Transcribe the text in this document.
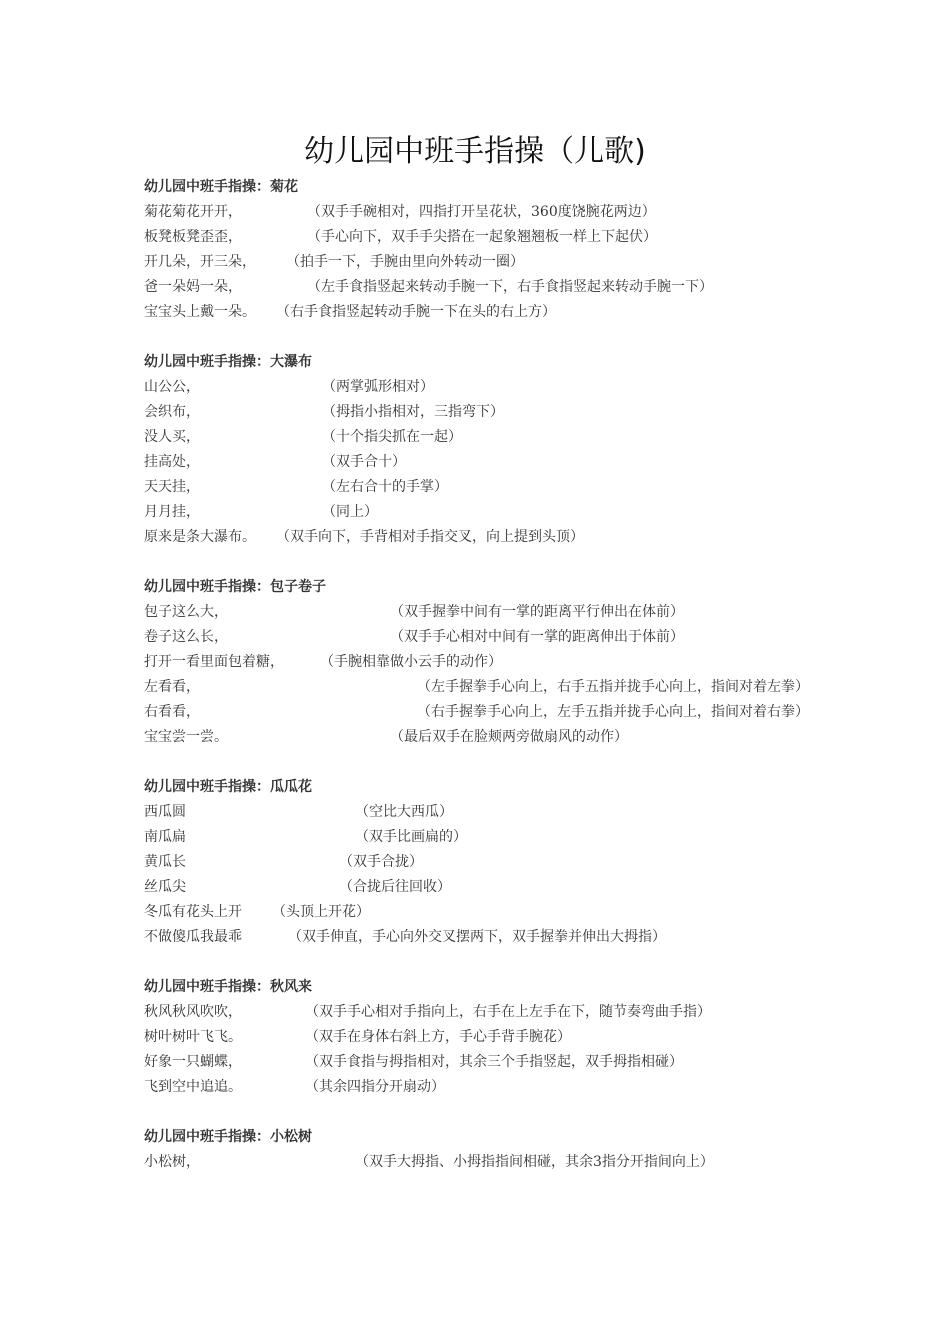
幼儿园中班手指操（儿歌)
幼儿园中班手指操：菊花
菊花菊花开开，	（双手手碗相对，四指打开呈花状，360度饶腕花两边）
板凳板凳歪歪，	（手心向下，双手手尖搭在一起象翘翘板一样上下起伏）
开几朵，开三朵， （拍手一下，手腕由里向外转动一圈）
爸一朵妈一朵，	（左手食指竖起来转动手腕一下，右手食指竖起来转动手腕一下）
宝宝头上戴一朵。 （右手食指竖起转动手腕一下在头的右上方）
幼儿园中班手指操：大瀑布
山公公，	（两掌弧形相对）
会织布，	（拇指小指相对，三指弯下）
没人买，	（十个指尖抓在一起）
挂高处，	（双手合十）
天天挂，	（左右合十的手掌）
月月挂，	（同上）
原来是条大瀑布。 （双手向下，手背相对手指交叉，向上提到头顶）
幼儿园中班手指操：包子卷子
包子这么大，	（双手握拳中间有一掌的距离平行伸出在体前）
卷子这么长，	（双手手心相对中间有一掌的距离伸出于体前）
打开一看里面包着糖，	（手腕相靠做小云手的动作）
左看看，	（左手握拳手心向上，右手五指并拢手心向上，指间对着左拳）
右看看，	（右手握拳手心向上，左手五指并拢手心向上，指间对着右拳）
宝宝尝一尝。	（最后双手在脸颊两旁做扇风的动作）
幼儿园中班手指操：瓜瓜花
西瓜圆	（空比大西瓜）
南瓜扁	（双手比画扁的）
黄瓜长	（双手合拢）
丝瓜尖	（合拢后往回收）
冬瓜有花头上开 （头顶上开花）
不做傻瓜我最乖	（双手伸直，手心向外交叉摆两下，双手握拳并伸出大拇指）
幼儿园中班手指操：秋风来
秋风秋风吹吹，	（双手手心相对手指向上，右手在上左手在下，随节奏弯曲手指）
树叶树叶飞飞。	（双手在身体右斜上方，手心手背手腕花）
好象一只蝴蝶，	（双手食指与拇指相对，其余三个手指竖起，双手拇指相碰）
飞到空中追追。	（其余四指分开扇动）
幼儿园中班手指操：小松树
小松树，	（双手大拇指、小拇指指间相碰，其余3指分开指间向上）
